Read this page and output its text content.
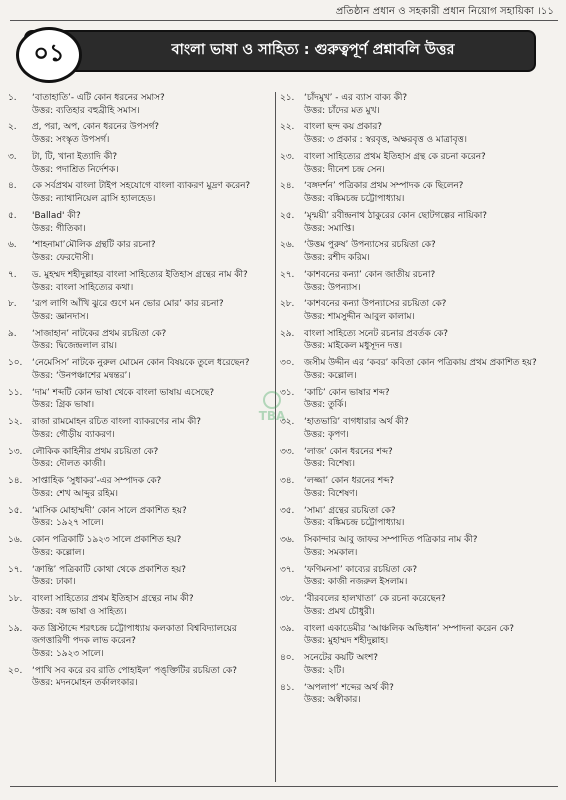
প্রতিষ্ঠান প্রধান ও সহকারী প্রধান নিয়োগ সহায়িকা ।১১
০১	বাংলা ভাষা ও সাহিত্য : গুরুত্বপূর্ণ প্রশ্নাবলি উত্তর
১.	‘বাতাহাতি’- এটি কোন ধরনের সমাস?
উত্তর: ব্যতিহার বহুব্রীহি সমাস।
২.	প্র, পরা, অপ, কোন ধরনের উপসর্গ?
উত্তর: সংস্কৃত উপসর্গ।
৩.	টা, টি, খানা ইত্যাদি কী?
উত্তর: পদাশ্রিত নির্দেশক।
৪.	কে সর্বপ্রথম বাংলা টাইপ সহযোগে বাংলা ব্যাকরণ মুদ্রণ করেন?
উত্তর: ন্যাথানিয়েল ব্রাসি হ্যালহেড।
৫.	'Ballad' কী?
উত্তর: গীতিকা।
৬.	‘শাহনামা’মৌলিক গ্রন্থটি কার রচনা?
উত্তর: ফেরদৌসী।
৭.	ড. মুহম্মদ শহীদুল্লাহর বাংলা সাহিত্যের ইতিহাস গ্রন্থের নাম কী?
উত্তর: বাংলা সাহিত্যের কথা।
৮.	‘রূপ লাগি আঁখি ঝুরে গুণে মন ভোর মোর’ কার রচনা?
উত্তর: জ্ঞানদাস।
৯.	‘সাজাহান’ নাটকের প্রথম রচয়িতা কে?
উত্তর: দ্বিজেন্দ্রলাল রায়।
১০.	‘নেমেসিস’ নাটকে নুরুল মোমেন কোন বিষয়কে তুলে ধরেছেন?
উত্তর: ‘উনপঞ্চাশের মন্বন্তর’।
১১.	‘দাম’ শব্দটি কোন ভাষা থেকে বাংলা ভাষায় এসেছে?
উত্তর: গ্রিক ভাষা।
১২.	রাজা রামমোহন রচিত বাংলা ব্যাকরণের নাম কী?
উত্তর: গৌড়ীয় ব্যাকরণ।
১৩.	লৌকিক কাহিনীর প্রথম রচয়িতা কে?
উত্তর: দৌলত কাজী।
১৪.	সাপ্তাহিক ‘সুধাকর’-এর সম্পাদক কে?
উত্তর: শেখ আব্দুর রহিম।
১৫.	‘মাসিক মোহাম্মদী’ কোন সালে প্রকাশিত হয়?
উত্তর: ১৯২৭ সালে।
১৬.	কোন পত্রিকাটি ১৯২৩ সালে প্রকাশিত হয়?
উত্তর: কল্লোল।
১৭.	‘ক্রান্তি’ পত্রিকাটি কোথা থেকে প্রকাশিত হয়?
উত্তর: ঢাকা।
১৮.	বাংলা সাহিত্যের প্রথম ইতিহাস গ্রন্থের নাম কী?
উত্তর: বঙ্গ ভাষা ও সাহিত্য।
১৯.	কত খ্রিস্টাব্দে শরৎচন্দ্র চট্টোপাধ্যায় কলকাতা বিশ্ববিদ্যালয়ের জগত্তারিণী পদক লাভ করেন?
উত্তর: ১৯২৩ সালে।
২০.	‘পাখি সব করে রব রাতি পোহাইল’ পঙ্‌ক্তিটির রচয়িতা কে?
উত্তর: মদনমোহন তর্কালংকার।
২১.	‘চাঁদমুখ’ - এর ব্যাস বাক্য কী?
উত্তর: চাঁদের মত মুখ।
২২.	বাংলা ছন্দ কয় প্রকার?
উত্তর: ৩ প্রকার : স্বরবৃত্ত, অক্ষরবৃত্ত ও মাত্রাবৃত্ত।
২৩.	বাংলা সাহিত্যের প্রথম ইতিহাস গ্রন্থ কে রচনা করেন?
উত্তর: দীনেশ চন্দ্র সেন।
২৪.	‘বঙ্গদর্শন’ পত্রিকার প্রথম সম্পাদক কে ছিলেন?
উত্তর: বঙ্কিমচন্দ্র চট্টোপাধ্যায়।
২৫.	‘মৃন্ময়ী’ রবীন্দ্রনাথ ঠাকুরের কোন ছোটগল্পের নায়িকা?
উত্তর: সমাপ্তি।
২৬.	‘উত্তম পুরুষ’ উপন্যাসের রচয়িতা কে?
উত্তর: রশীদ করিম।
২৭.	‘কাশবনের কন্যা’ কোন জাতীয় রচনা?
উত্তর: উপন্যাস।
২৮.	‘কাশবনের কন্যা উপন্যাসের রচয়িতা কে?
উত্তর: শামসুদ্দীন আবুল কালাম।
২৯.	বাংলা সাহিত্যে সনেট রচনার প্রবর্তক কে?
উত্তর: মাইকেল মধুসূদন দত্ত।
৩০.	জসীম উদ্দীন এর ‘কবর’ কবিতা কোন পত্রিকায় প্রথম প্রকাশিত হয়?
উত্তর: কল্লোল।
৩১.	‘কাচি’ কোন ভাষার শব্দ?
উত্তর: তুর্কি।
৩২.	‘হাতভারি’ বাগধারার অর্থ কী?
উত্তর: কৃপণ।
৩৩.	‘লাজ’ কোন ধরনের শব্দ?
উত্তর: বিশেষ্য।
৩৪.	‘লজ্জা’ কোন ধরনের শব্দ?
উত্তর: বিশেষণ।
৩৫.	‘সাম্য’ গ্রন্থের রচয়িতা কে?
উত্তর: বঙ্কিমচন্দ্র চট্টোপাধ্যায়।
৩৬.	সিকান্দার আবু জাফর সম্পাদিত পত্রিকার নাম কী?
উত্তর: সমকাল।
৩৭.	‘ফণিমনসা’ কাব্যের রচয়িতা কে?
উত্তর: কাজী নজরুল ইসলাম।
৩৮.	‘বীরবলের হালখাতা’ কে রচনা করেছেন?
উত্তর: প্রমথ চৌধুরী।
৩৯.	বাংলা একাডেমীর ‘আঞ্চলিক অভিধান’ সম্পাদনা করেন কে?
উত্তর: মুহাম্মদ শহীদুল্লাহ।
৪০.	সনেটের কয়টি অংশ?
উত্তর: ২টি।
৪১.	‘অপলাপ’ শব্দের অর্থ কী?
উত্তর: অস্বীকার।
TBA
